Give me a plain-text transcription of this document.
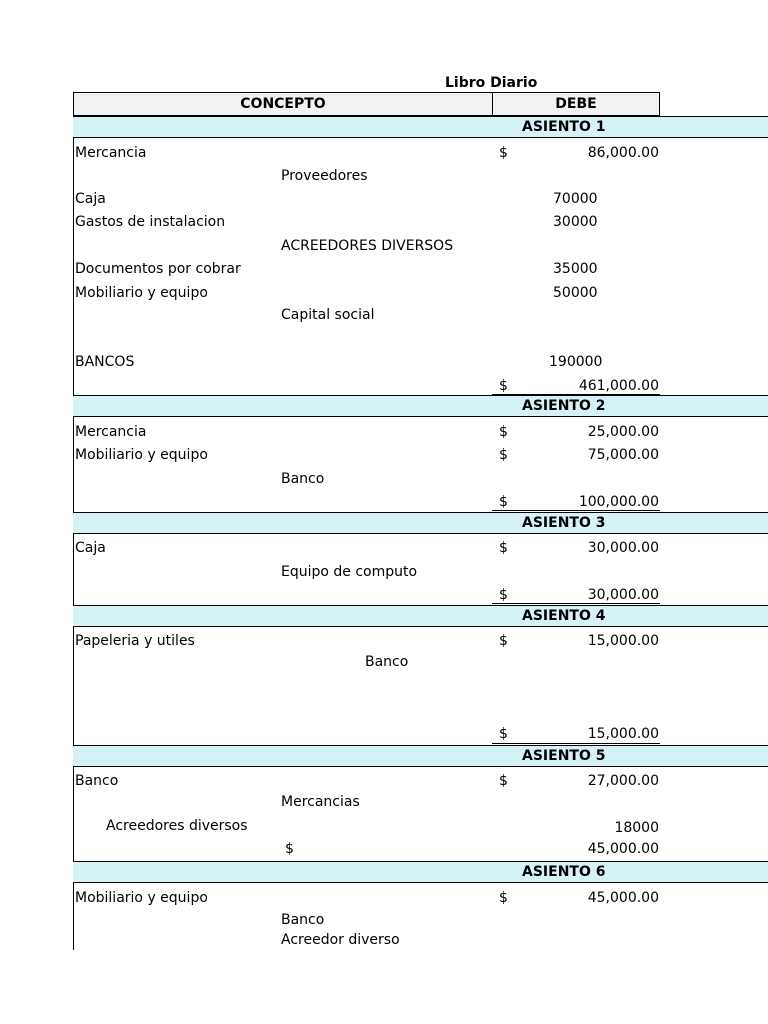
Libro Diario
CONCEPTO	DEBE
ASIENTO 1
Mercancia	$	86,000.00
Proveedores
Caja	70000
Gastos de instalacion	30000
ACREEDORES DIVERSOS
Documentos por cobrar	35000
Mobiliario y equipo	50000
Capital social
BANCOS	190000
$	461,000.00
ASIENTO 2
Mercancia	$	25,000.00
Mobiliario y equipo	$	75,000.00
Banco
$	100,000.00
ASIENTO 3
Caja	$	30,000.00
Equipo de computo
$	30,000.00
ASIENTO 4
Papeleria y utiles	$	15,000.00
Banco
$	15,000.00
ASIENTO 5
Banco	$	27,000.00
Mercancias
Acreedores diversos	18000
$	45,000.00
ASIENTO 6
Mobiliario y equipo	$	45,000.00
Banco
Acreedor diverso
